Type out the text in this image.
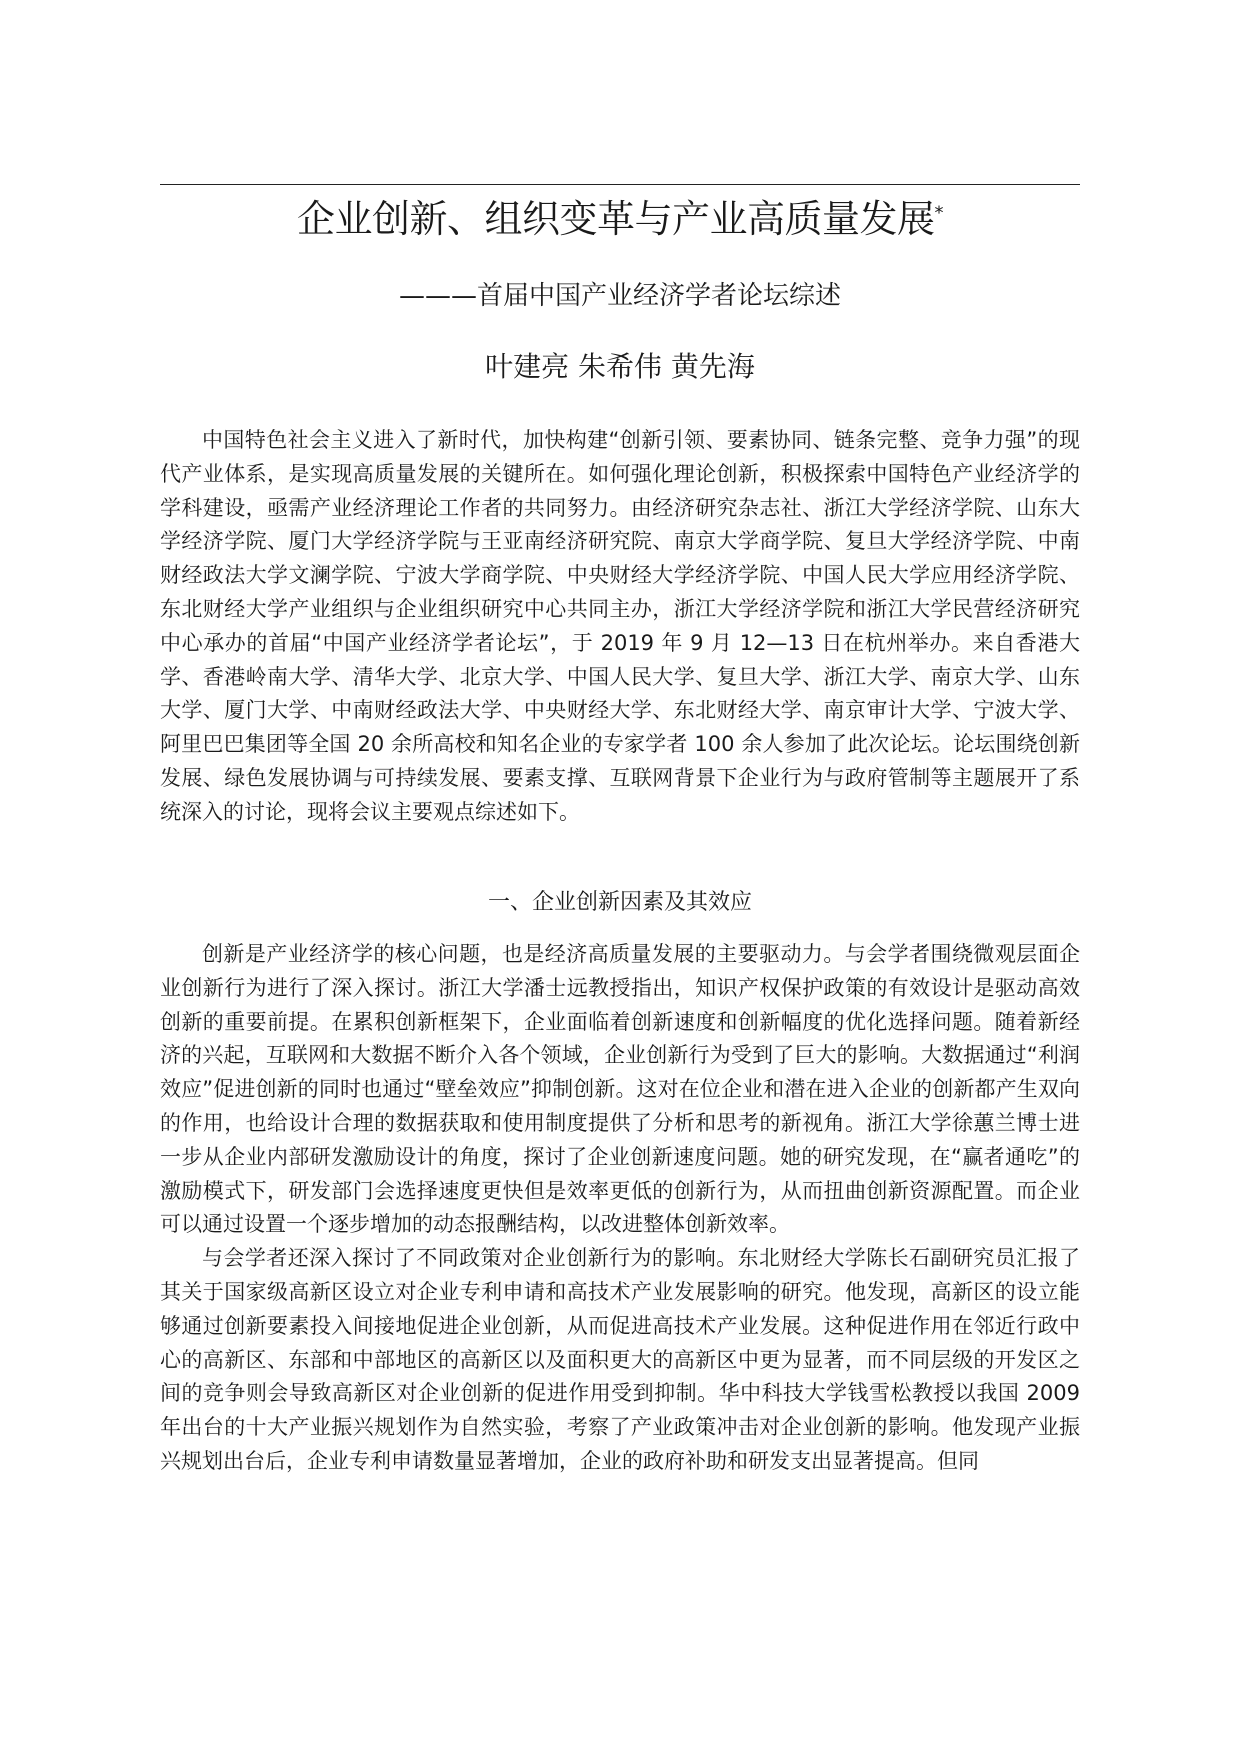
企业创新、组织变革与产业高质量发展*
———首届中国产业经济学者论坛综述
叶建亮 朱希伟 黄先海

中国特色社会主义进入了新时代，加快构建“创新引领、要素协同、链条完整、竞争力强”的现代产业体系，是实现高质量发展的关键所在。如何强化理论创新，积极探索中国特色产业经济学的学科建设，亟需产业经济理论工作者的共同努力。由经济研究杂志社、浙江大学经济学院、山东大学经济学院、厦门大学经济学院与王亚南经济研究院、南京大学商学院、复旦大学经济学院、中南财经政法大学文澜学院、宁波大学商学院、中央财经大学经济学院、中国人民大学应用经济学院、东北财经大学产业组织与企业组织研究中心共同主办，浙江大学经济学院和浙江大学民营经济研究中心承办的首届“中国产业经济学者论坛”，于 2019 年 9 月 12—13 日在杭州举办。来自香港大学、香港岭南大学、清华大学、北京大学、中国人民大学、复旦大学、浙江大学、南京大学、山东大学、厦门大学、中南财经政法大学、中央财经大学、东北财经大学、南京审计大学、宁波大学、阿里巴巴集团等全国 20 余所高校和知名企业的专家学者 100 余人参加了此次论坛。论坛围绕创新发展、绿色发展协调与可持续发展、要素支撑、互联网背景下企业行为与政府管制等主题展开了系统深入的讨论，现将会议主要观点综述如下。

一、企业创新因素及其效应

创新是产业经济学的核心问题，也是经济高质量发展的主要驱动力。与会学者围绕微观层面企业创新行为进行了深入探讨。浙江大学潘士远教授指出，知识产权保护政策的有效设计是驱动高效创新的重要前提。在累积创新框架下，企业面临着创新速度和创新幅度的优化选择问题。随着新经济的兴起，互联网和大数据不断介入各个领域，企业创新行为受到了巨大的影响。大数据通过“利润效应”促进创新的同时也通过“壁垒效应”抑制创新。这对在位企业和潜在进入企业的创新都产生双向的作用，也给设计合理的数据获取和使用制度提供了分析和思考的新视角。浙江大学徐蕙兰博士进一步从企业内部研发激励设计的角度，探讨了企业创新速度问题。她的研究发现，在“赢者通吃”的激励模式下，研发部门会选择速度更快但是效率更低的创新行为，从而扭曲创新资源配置。而企业可以通过设置一个逐步增加的动态报酬结构，以改进整体创新效率。

与会学者还深入探讨了不同政策对企业创新行为的影响。东北财经大学陈长石副研究员汇报了其关于国家级高新区设立对企业专利申请和高技术产业发展影响的研究。他发现，高新区的设立能够通过创新要素投入间接地促进企业创新，从而促进高技术产业发展。这种促进作用在邻近行政中心的高新区、东部和中部地区的高新区以及面积更大的高新区中更为显著，而不同层级的开发区之间的竞争则会导致高新区对企业创新的促进作用受到抑制。华中科技大学钱雪松教授以我国 2009 年出台的十大产业振兴规划作为自然实验，考察了产业政策冲击对企业创新的影响。他发现产业振兴规划出台后，企业专利申请数量显著增加，企业的政府补助和研发支出显著提高。但同
